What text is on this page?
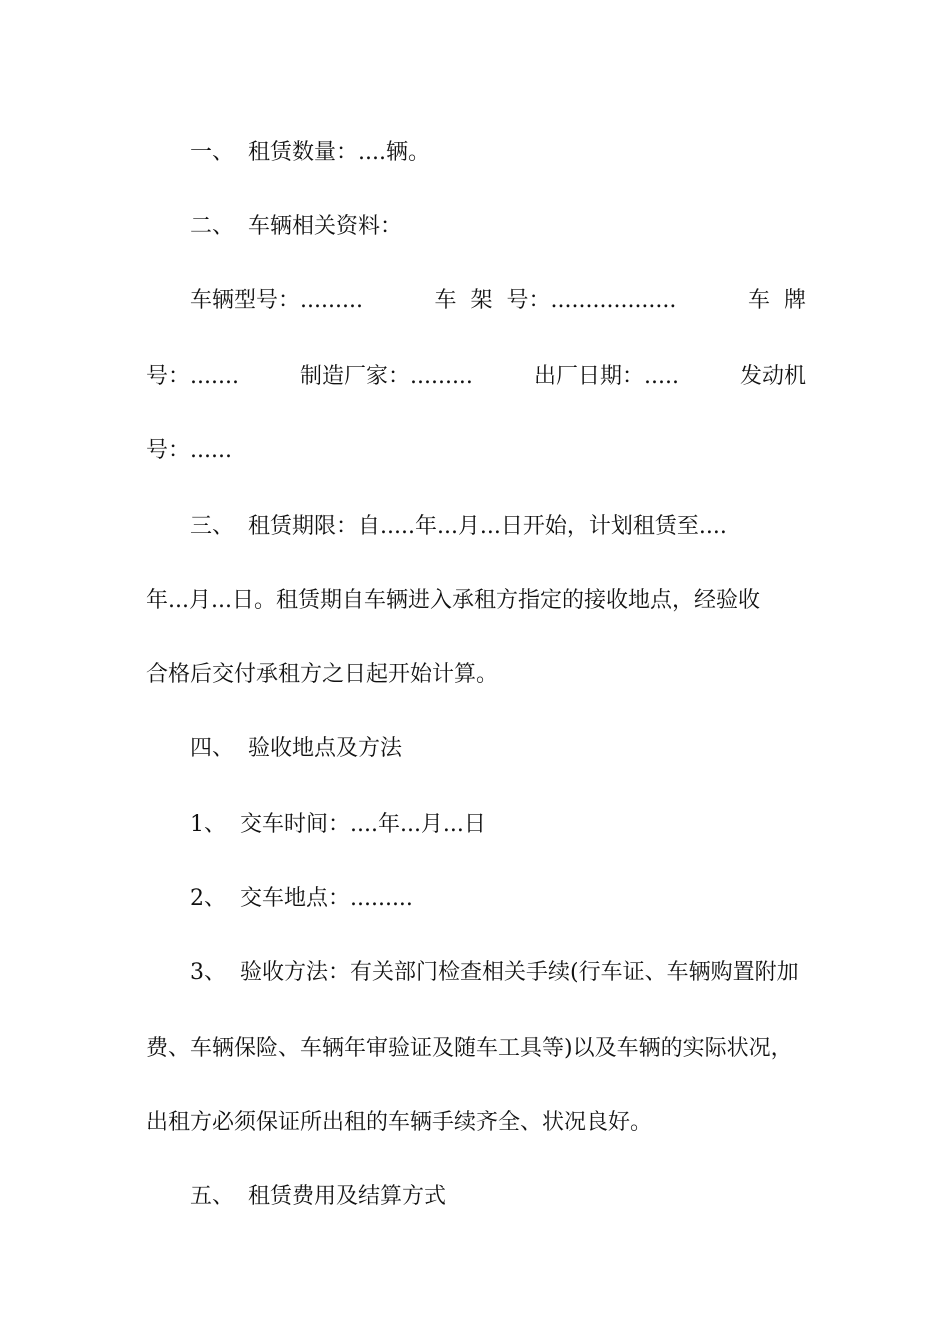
一、  租赁数量：....辆。

二、  车辆相关资料：

车辆型号：.........	车  架  号：..................	车  牌
号：.......	制造厂家：.........	出厂日期：.....	发动机

号：......

三、  租赁期限：自.....年...月...日开始，计划租赁至....

年...月...日。租赁期自车辆进入承租方指定的接收地点，经验收

合格后交付承租方之日起开始计算。

四、  验收地点及方法

1、  交车时间：....年...月...日

2、  交车地点：.........

3、  验收方法：有关部门检查相关手续(行车证、车辆购置附加

费、车辆保险、车辆年审验证及随车工具等)以及车辆的实际状况，

出租方必须保证所出租的车辆手续齐全、状况良好。

五、  租赁费用及结算方式
